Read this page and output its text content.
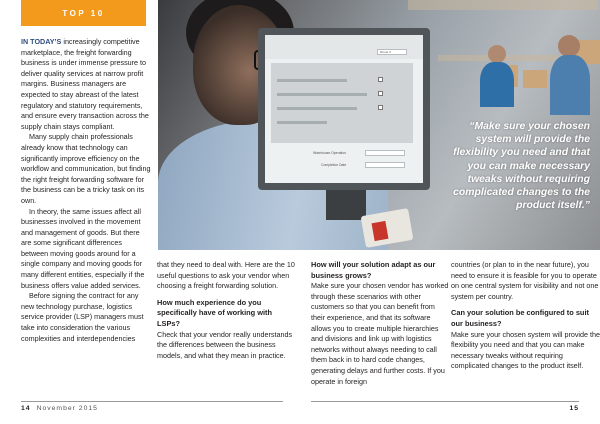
TOP 10

IN TODAY’S increasingly competitive marketplace, the freight forwarding business is under immense pressure to deliver quality services at narrow profit margins. Business managers are expected to stay abreast of the latest regulatory and statutory requirements, and ensure every transaction across the supply chain stays compliant.

Many supply chain professionals already know that technology can significantly improve efficiency on the workflow and communication, but finding the right freight forwarding software for the business can be a tricky task on its own.

In theory, the same issues affect all businesses involved in the movement and management of goods. But there are some significant differences between moving goods around for a single company and moving goods for many different entities, especially if the business offers value added services.

Before signing the contract for any new technology purchase, logistics service provider (LSP) managers must take into consideration the various complexities and interdependencies

Drone 3
Warehouse Operation
Completion Date
“Make sure your chosen system will provide the flexibility you need and that you can make necessary tweaks without requiring complicated changes to the product itself.”

that they need to deal with. Here are the 10 useful questions to ask your vendor when choosing a freight forwarding solution.

How much experience do you specifically have of working with LSPs?

Check that your vendor really understands the differences between the business models, and what they mean in practice.

How will your solution adapt as our business grows?

Make sure your chosen vendor has worked through these scenarios with other customers so that you can benefit from their experience, and that its software allows you to create multiple hierarchies and divisions and link up with logistics networks without always needing to call them back in to hard code changes, generating delays and further costs. If you operate in foreign

countries (or plan to in the near future), you need to ensure it is feasible for you to operate on one central system for visibility and not one system per country.

Can your solution be configured to suit our business?

Make sure your chosen system will provide the flexibility you need and that you can make necessary tweaks without requiring complicated changes to the product itself.

14 November 2015	15
